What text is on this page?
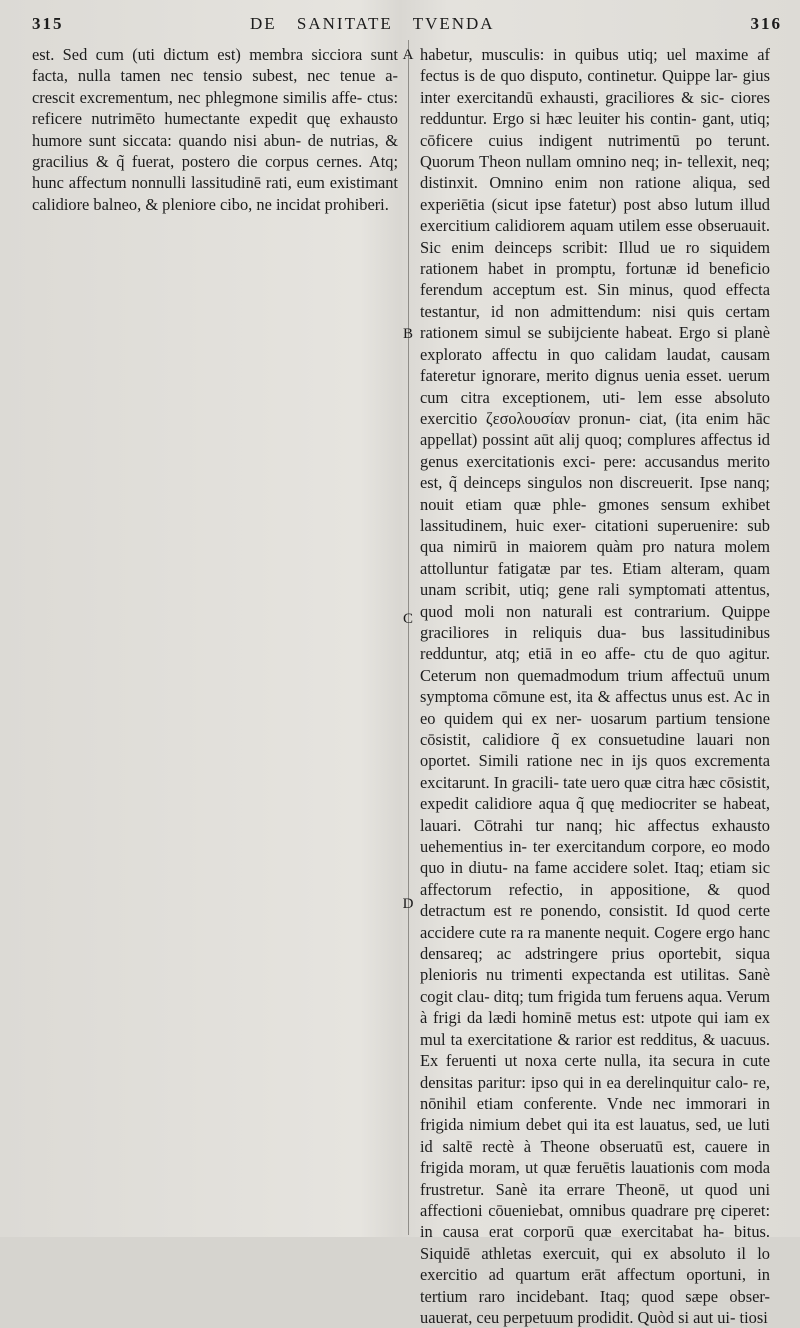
315	DE SANITATE TVENDA	316

est. Sed cum (uti dictum est) membra sicciora sunt facta, nulla tamen nec tensio subest, nec tenue a- crescit excrementum, nec phlegmone similis affe- ctus: reficere nutrimēto humectante expedit quę exhausto humore sunt siccata: quando nisi abun- de nutrias, & gracilius & q̃ fuerat, postero die corpus cernes. Atq; hunc affectum nonnulli lassitudinē rati, eum existimant calidiore balneo, & pleniore cibo, ne incidat prohiberi.

A
B
C
D

habetur, musculis: in quibus utiq; uel maxime af fectus is de quo disputo, continetur. Quippe lar- gius inter exercitandū exhausti, graciliores & sic- ciores redduntur. Ergo si hæc leuiter his contin- gant, utiq; cōficere cuius indigent nutrimentū po terunt. Quorum Theon nullam omnino neq; in- tellexit, neq; distinxit. Omnino enim non ratione aliqua, sed experiētia (sicut ipse fatetur) post abso lutum illud exercitium calidiorem aquam utilem esse obseruauit. Sic enim deinceps scribit: Illud ue ro siquidem rationem habet in promptu, fortunæ id beneficio ferendum acceptum est. Sin minus, quod effecta testantur, id non admittendum: nisi quis certam rationem simul se subijciente habeat. Ergo si planè explorato affectu in quo calidam laudat, causam fateretur ignorare, merito dignus uenia esset. uerum cum citra exceptionem, uti- lem esse absoluto exercitio ζεσολουσίαν pronun- ciat, (ita enim hāc appellat) possint aūt alij quoq; complures affectus id genus exercitationis exci- pere: accusandus merito est, q̃ deinceps singulos non discreuerit. Ipse nanq; nouit etiam quæ phle- gmones sensum exhibet lassitudinem, huic exer- citationi superuenire: sub qua nimirū in maiorem quàm pro natura molem attolluntur fatigatæ par tes. Etiam alteram, quam unam scribit, utiq; gene rali symptomati attentus, quod moli non naturali est contrarium. Quippe graciliores in reliquis dua- bus lassitudinibus redduntur, atq; etiā in eo affe- ctu de quo agitur. Ceterum non quemadmodum trium affectuū unum symptoma cōmune est, ita & affectus unus est. Ac in eo quidem qui ex ner- uosarum partium tensione cōsistit, calidiore q̃ ex consuetudine lauari non oportet. Simili ratione nec in ijs quos excrementa excitarunt. In gracili- tate uero quæ citra hæc cōsistit, expedit calidiore aqua q̃ quę mediocriter se habeat, lauari. Cōtrahi tur nanq; hic affectus exhausto uehementius in- ter exercitandum corpore, eo modo quo in diutu- na fame accidere solet. Itaq; etiam sic affectorum refectio, in appositione, & quod detractum est re ponendo, consistit. Id quod certe accidere cute ra ra manente nequit. Cogere ergo hanc densareq; ac adstringere prius oportebit, siqua plenioris nu trimenti expectanda est utilitas. Sanè cogit clau- ditq; tum frigida tum feruens aqua. Verum à frigi da lædi hominē metus est: utpote qui iam ex mul ta exercitatione & rarior est redditus, & uacuus. Ex feruenti ut noxa certe nulla, ita secura in cute densitas paritur: ipso qui in ea derelinquitur calo- re, nōnihil etiam conferente. Vnde nec immorari in frigida nimium debet qui ita est lauatus, sed, ue luti id saltē rectè à Theone obseruatū est, cauere in frigida moram, ut quæ feruētis lauationis com moda frustretur. Sanè ita errare Theonē, ut quod uni affectioni cōueniebat, omnibus quadrare prę ciperet: in causa erat corporū quæ exercitabat ha- bitus. Siquidē athletas exercuit, qui ex absoluto il lo exercitio ad quartum erāt affectum oportuni, in tertium raro incidebant. Itaq; quod sæpe obser- uauerat, ceu perpetuum prodidit. Quòd si aut ui- tiosi
